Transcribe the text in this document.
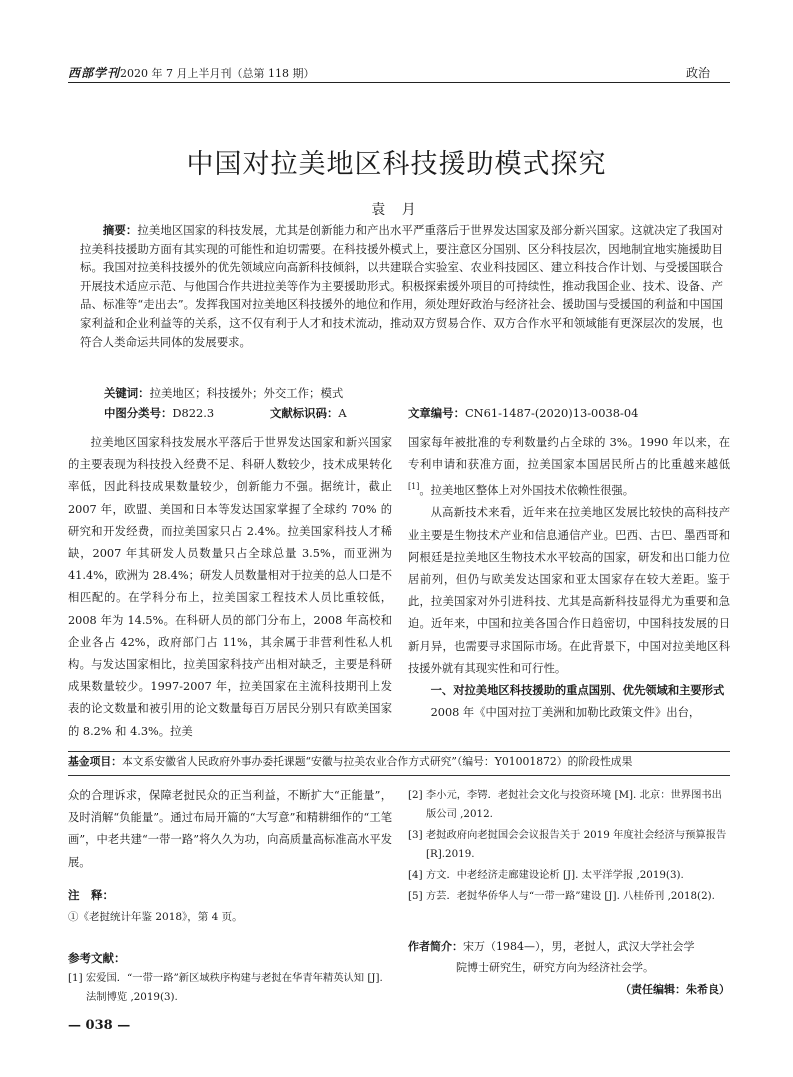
西部学刊2020 年 7 月上半月刊（总第 118 期）	政治
中国对拉美地区科技援助模式探究
袁 月
摘要：拉美地区国家的科技发展，尤其是创新能力和产出水平严重落后于世界发达国家及部分新兴国家。这就决定了我国对拉美科技援助方面有其实现的可能性和迫切需要。在科技援外模式上，要注意区分国别、区分科技层次，因地制宜地实施援助目标。我国对拉美科技援外的优先领域应向高新科技倾斜，以共建联合实验室、农业科技园区、建立科技合作计划、与受援国联合开展技术适应示范、与他国合作共进拉美等作为主要援助形式。积极探索援外项目的可持续性，推动我国企业、技术、设备、产品、标准等“走出去”。发挥我国对拉美地区科技援外的地位和作用，须处理好政治与经济社会、援助国与受援国的利益和中国国家利益和企业利益等的关系，这不仅有利于人才和技术流动，推动双方贸易合作、双方合作水平和领域能有更深层次的发展，也符合人类命运共同体的发展要求。
关键词：拉美地区；科技援外；外交工作；模式
中图分类号：D822.3	文献标识码：A	文章编号：CN61-1487-(2020)13-0038-04

拉美地区国家科技发展水平落后于世界发达国家和新兴国家的主要表现为科技投入经费不足、科研人数较少，技术成果转化率低，因此科技成果数量较少，创新能力不强。据统计，截止 2007 年，欧盟、美国和日本等发达国家掌握了全球约 70% 的研究和开发经费，而拉美国家只占 2.4%。拉美国家科技人才稀缺，2007 年其研发人员数量只占全球总量 3.5%，而亚洲为 41.4%，欧洲为 28.4%；研发人员数量相对于拉美的总人口是不相匹配的。在学科分布上，拉美国家工程技术人员比重较低，2008 年为 14.5%。在科研人员的部门分布上，2008 年高校和企业各占 42%，政府部门占 11%，其余属于非营利性私人机构。与发达国家相比，拉美国家科技产出相对缺乏，主要是科研成果数量较少。1997-2007 年，拉美国家在主流科技期刊上发表的论文数量和被引用的论文数量每百万居民分别只有欧美国家的 8.2% 和 4.3%。拉美

国家每年被批准的专利数量约占全球的 3%。1990 年以来，在专利申请和获准方面，拉美国家本国居民所占的比重越来越低[1]。拉美地区整体上对外国技术依赖性很强。

从高新技术来看，近年来在拉美地区发展比较快的高科技产业主要是生物技术产业和信息通信产业。巴西、古巴、墨西哥和阿根廷是拉美地区生物技术水平较高的国家，研发和出口能力位居前列，但仍与欧美发达国家和亚太国家存在较大差距。鉴于此，拉美国家对外引进科技、尤其是高新科技显得尤为重要和急迫。近年来，中国和拉美各国合作日趋密切，中国科技发展的日新月异，也需要寻求国际市场。在此背景下，中国对拉美地区科技援外就有其现实性和可行性。

一、对拉美地区科技援助的重点国别、优先领域和主要形式

2008 年《中国对拉丁美洲和加勒比政策文件》出台，

基金项目：本文系安徽省人民政府外事办委托课题“安徽与拉美农业合作方式研究”（编号：Y01001872）的阶段性成果
众的合理诉求，保障老挝民众的正当利益，不断扩大“正能量”，及时消解“负能量”。通过布局开篇的“大写意”和精耕细作的“工笔画”，中老共建“一带一路”将久久为功，向高质量高标准高水平发展。
注　释：
①《老挝统计年鉴 2018》，第 4 页。
参考文献：
[1] 宏爱国．“一带一路”新区域秩序构建与老挝在华青年精英认知 [J]. 法制博览 ,2019(3).
[2] 李小元，李锷．老挝社会文化与投资环境 [M]. 北京：世界图书出版公司 ,2012.
[3] 老挝政府向老挝国会会议报告关于 2019 年度社会经济与预算报告 [R].2019.
[4] 方文．中老经济走廊建设论析 [J]. 太平洋学报 ,2019(3).
[5] 方芸．老挝华侨华人与“一带一路”建设 [J]. 八桂侨刊 ,2018(2).
作者简介：宋万（1984—），男，老挝人，武汉大学社会学
院博士研究生，研究方向为经济社会学。
（责任编辑：朱希良）
— 038 —
